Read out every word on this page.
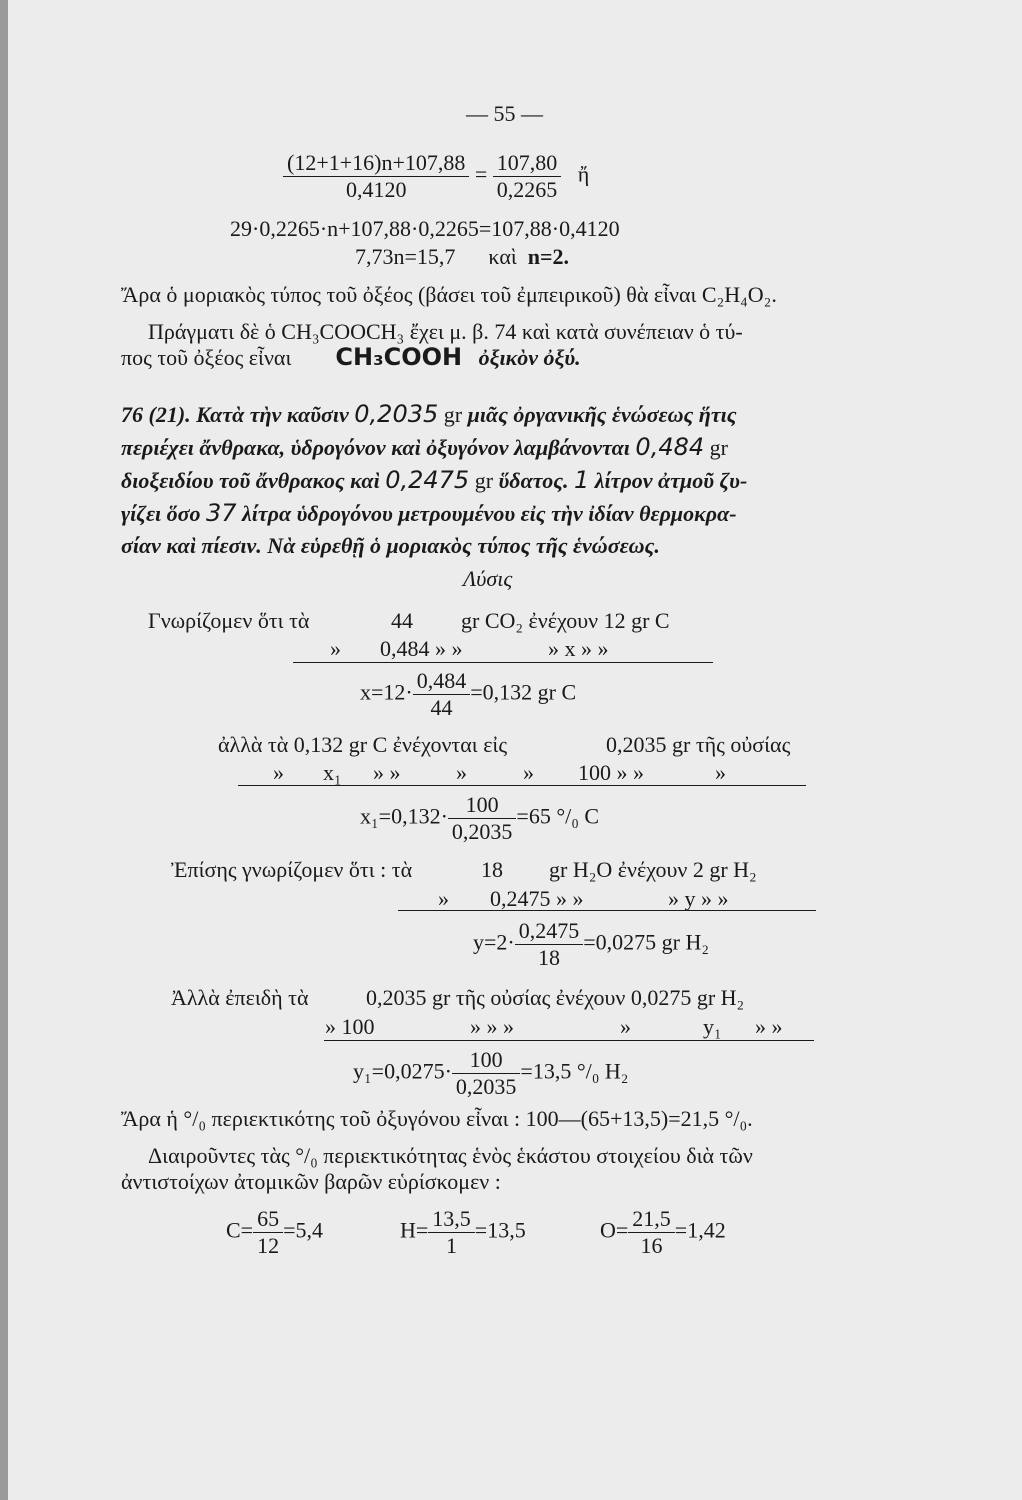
— 55 —
$\frac{(12+1+16)n+107,88}{0,4120} = \frac{107,80}{0,2265}$ ἤ
29·0,2265·n+107,88·0,2265=107,88·0,4120
7,73n=15,7 καὶ n=2.
Ἄρα ὁ μοριακὸς τύπος τοῦ ὀξέος (βάσει τοῦ ἐμπειρικοῦ) θὰ εἶναι C₂H₄O₂.
Πράγματι δὲ ὁ CH₃COOCH₃ ἔχει μ. β. 74 καὶ κατὰ συνέπειαν ὁ τύ-
πος τοῦ ὀξέος εἶναι CH₃COOH ὀξικὸν ὀξύ.
76 (21). Κατὰ τὴν καῦσιν 0,2035 gr μιᾶς ὀργανικῆς ἑνώσεως ἥτις
περιέχει ἄνθρακα, ὑδρογόνον καὶ ὀξυγόνον λαμβάνονται 0,484 gr
διοξειδίου τοῦ ἄνθρακος καὶ 0,2475 gr ὕδατος. 1 λίτρον ἀτμοῦ ζυ-
γίζει ὅσο 37 λίτρα ὑδρογόνου μετρουμένου εἰς τὴν ἰδίαν θερμοκρα-
σίαν καὶ πίεσιν. Νὰ εὑρεθῇ ὁ μοριακὸς τύπος τῆς ἑνώσεως.
Λύσις
Γνωρίζομεν ὅτι τὰ	44 gr CO₂ ἐνέχουν 12 gr C
» 0,484 » »	» x » »
$x=12\cdot \frac{0,484}{44} =0,132$ gr C
ἀλλὰ τὰ 0,132 gr C ἐνέχονται εἰς	0,2035 gr τῆς οὐσίας
» x₁ » »	»	» 100 » »	»
$x_1=0,132\cdot \frac{100}{0,2035} =65$ °/₀ C
Ἐπίσης γνωρίζομεν ὅτι : τὰ	18 gr H₂O ἐνέχουν 2 gr H₂
» 0,2475 » »	» y » »
$y=2\cdot \frac{0,2475}{18} =0,0275$ gr H₂
Ἀλλὰ ἐπειδὴ τὰ	0,2035 gr τῆς οὐσίας ἐνέχουν 0,0275 gr H₂
» 100	» » »	»	y₁ » »
$y_1=0,0275\cdot \frac{100}{0,2035} =13,5$ °/₀ H₂
Ἄρα ἡ °/₀ περιεκτικότης τοῦ ὀξυγόνου εἶναι : 100—(65+13,5)=21,5 °/₀.
Διαιροῦντες τὰς °/₀ περιεκτικότητας ἑνὸς ἑκάστου στοιχείου διὰ τῶν
ἀντιστοίχων ἀτομικῶν βαρῶν εὑρίσκομεν :
$C= \frac{65}{12} =5,4$	$H= \frac{13,5}{1} =13,5$	$O= \frac{21,5}{16} =1,42$
